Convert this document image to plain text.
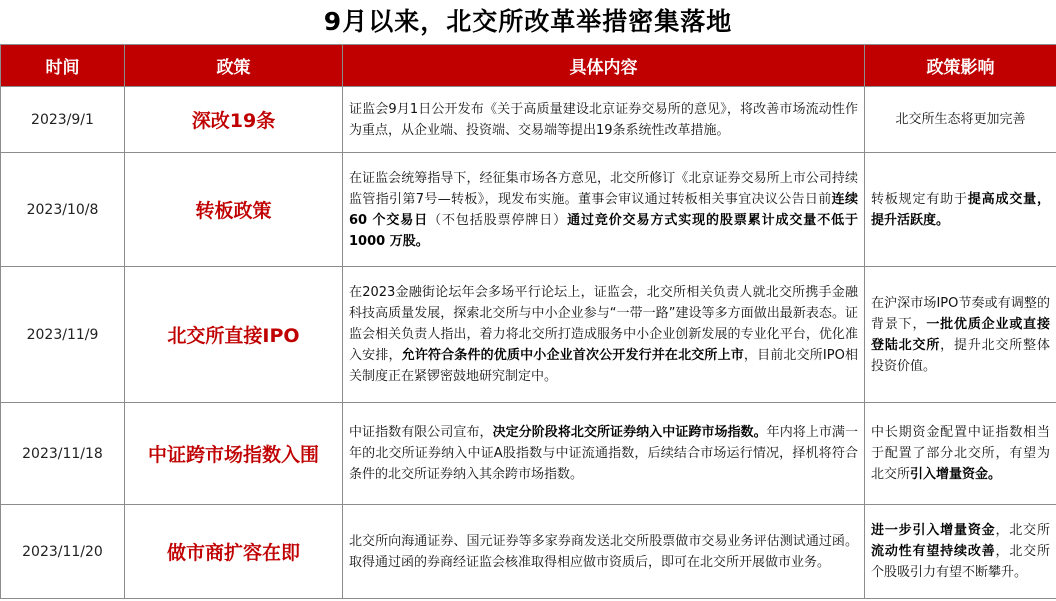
9月以来，北交所改革举措密集落地
时间	政策	具体内容	政策影响
2023/9/1	深改19条	证监会9月1日公开发布《关于高质量建设北京证券交易所的意见》，将改善市场流动性作为重点，从企业端、投资端、交易端等提出19条系统性改革措施。	北交所生态将更加完善
2023/10/8	转板政策	在证监会统筹指导下，经征集市场各方意见，北交所修订《北京证券交易所上市公司持续监管指引第7号—转板》，现发布实施。董事会审议通过转板相关事宜决议公告日前连续 60 个交易日（不包括股票停牌日）通过竞价交易方式实现的股票累计成交量不低于 1000 万股。	转板规定有助于提高成交量，提升活跃度。
2023/11/9	北交所直接IPO	在2023金融街论坛年会多场平行论坛上，证监会，北交所相关负责人就北交所携手金融科技高质量发展，探索北交所与中小企业参与“一带一路”建设等多方面做出最新表态。证监会相关负责人指出，着力将北交所打造成服务中小企业创新发展的专业化平台，优化准入安排，允许符合条件的优质中小企业首次公开发行并在北交所上市，目前北交所IPO相关制度正在紧锣密鼓地研究制定中。	在沪深市场IPO节奏或有调整的背景下，一批优质企业或直接登陆北交所，提升北交所整体投资价值。
2023/11/18	中证跨市场指数入围	中证指数有限公司宣布，决定分阶段将北交所证券纳入中证跨市场指数。年内将上市满一年的北交所证券纳入中证A股指数与中证流通指数，后续结合市场运行情况，择机将符合条件的北交所证券纳入其余跨市场指数。	中长期资金配置中证指数相当于配置了部分北交所，有望为北交所引入增量资金。
2023/11/20	做市商扩容在即	北交所向海通证券、国元证券等多家券商发送北交所股票做市交易业务评估测试通过函。取得通过函的券商经证监会核准取得相应做市资质后，即可在北交所开展做市业务。	进一步引入增量资金，北交所流动性有望持续改善，北交所个股吸引力有望不断攀升。
